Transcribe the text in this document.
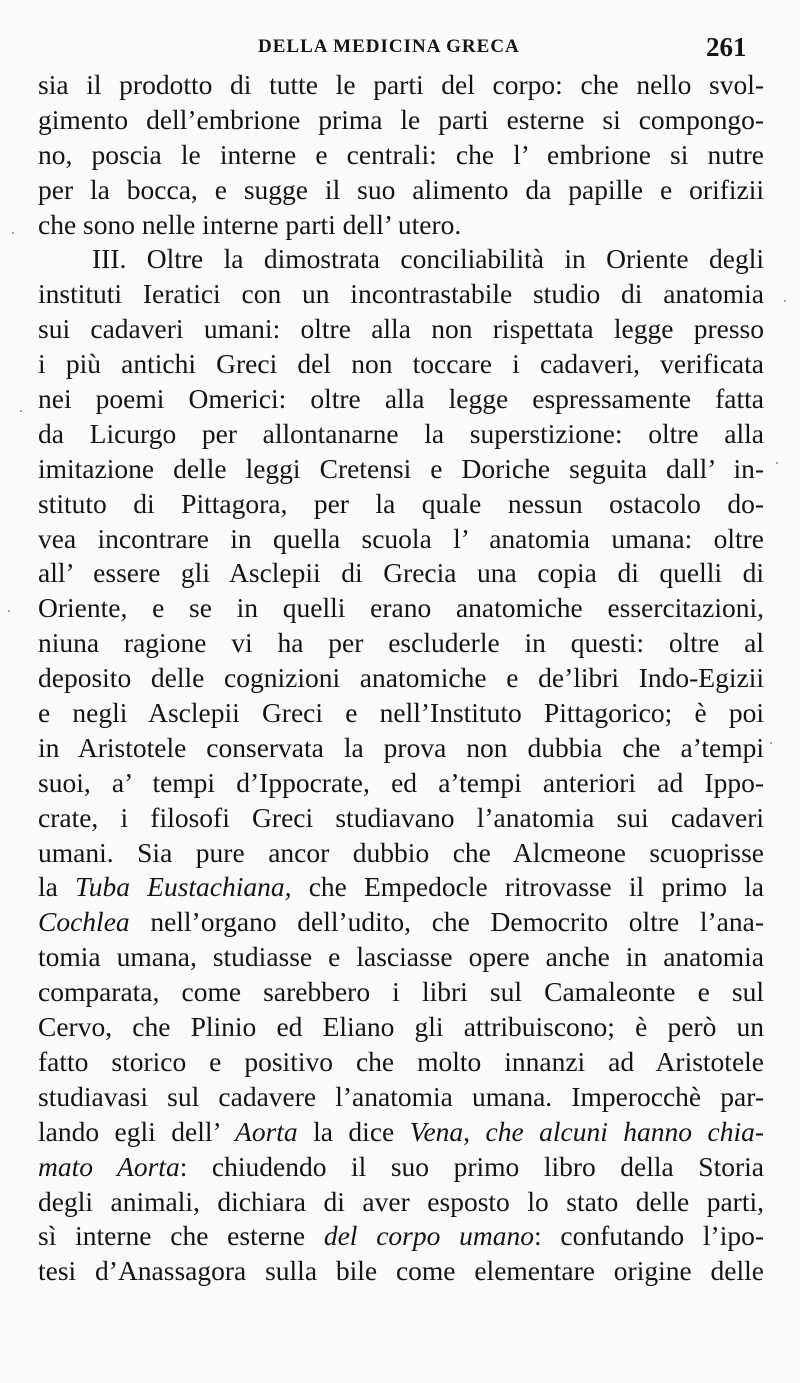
DELLA MEDICINA GRECA	261
sia il prodotto di tutte le parti del corpo: che nello svol-
gimento dell’embrione prima le parti esterne si compongo-
no, poscia le interne e centrali: che l’ embrione si nutre
per la bocca, e sugge il suo alimento da papille e orifizii
che sono nelle interne parti dell’ utero.
III. Oltre la dimostrata conciliabilità in Oriente degli
instituti Ieratici con un incontrastabile studio di anatomia
sui cadaveri umani: oltre alla non rispettata legge presso
i più antichi Greci del non toccare i cadaveri, verificata
nei poemi Omerici: oltre alla legge espressamente fatta
da Licurgo per allontanarne la superstizione: oltre alla
imitazione delle leggi Cretensi e Doriche seguita dall’ in-
stituto di Pittagora, per la quale nessun ostacolo do-
vea incontrare in quella scuola l’ anatomia umana: oltre
all’ essere gli Asclepii di Grecia una copia di quelli di
Oriente, e se in quelli erano anatomiche essercitazioni,
niuna ragione vi ha per escluderle in questi: oltre al
deposito delle cognizioni anatomiche e de’libri Indo-Egizii
e negli Asclepii Greci e nell’Instituto Pittagorico; è poi
in Aristotele conservata la prova non dubbia che a’tempi
suoi, a’ tempi d’Ippocrate, ed a’tempi anteriori ad Ippo-
crate, i filosofi Greci studiavano l’anatomia sui cadaveri
umani. Sia pure ancor dubbio che Alcmeone scuoprisse
la Tuba Eustachiana, che Empedocle ritrovasse il primo la
Cochlea nell’organo dell’udito, che Democrito oltre l’ana-
tomia umana, studiasse e lasciasse opere anche in anatomia
comparata, come sarebbero i libri sul Camaleonte e sul
Cervo, che Plinio ed Eliano gli attribuiscono; è però un
fatto storico e positivo che molto innanzi ad Aristotele
studiavasi sul cadavere l’anatomia umana. Imperocchè par-
lando egli dell’ Aorta la dice Vena, che alcuni hanno chia-
mato Aorta: chiudendo il suo primo libro della Storia
degli animali, dichiara di aver esposto lo stato delle parti,
sì interne che esterne del corpo umano: confutando l’ipo-
tesi d’Anassagora sulla bile come elementare origine delle
